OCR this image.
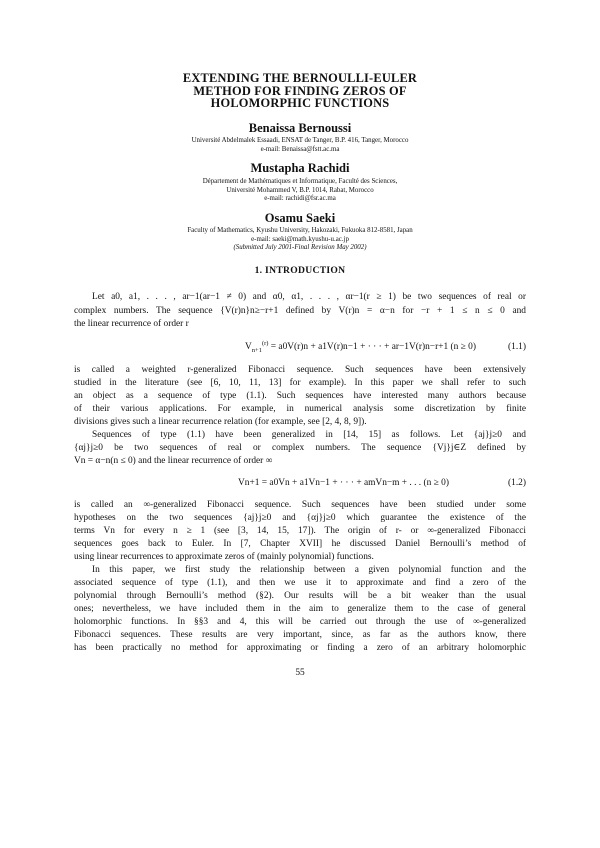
EXTENDING THE BERNOULLI-EULER
METHOD FOR FINDING ZEROS OF
HOLOMORPHIC FUNCTIONS
Benaissa Bernoussi
Université Abdelmalek Essaadi, ENSAT de Tanger, B.P. 416, Tanger, Morocco
e-mail: Benaissa@fstt.ac.ma
Mustapha Rachidi
Département de Mathématiques et Informatique, Faculté des Sciences,
Université Mohammed V, B.P. 1014, Rabat, Morocco
e-mail: rachidi@fsr.ac.ma
Osamu Saeki
Faculty of Mathematics, Kyushu University, Hakozaki, Fukuoka 812-8581, Japan
e-mail: saeki@math.kyushu-u.ac.jp
(Submitted July 2001-Final Revision May 2002)
1. INTRODUCTION
Let a0, a1, . . . , ar−1(ar−1 ≠ 0) and α0, α1, . . . , αr−1(r ≥ 1) be two sequences of real or
complex numbers. The sequence {V(r)n}n≥−r+1 defined by V(r)n = α−n for −r + 1 ≤ n ≤ 0 and
the linear recurrence of order r
$V_{n+1}^{(r)} = a0V(r)n + a1V(r)n-1$ + · · · + ar−1V(r)n−r+1 (n ≥ 0)	(1.1)
is called a weighted r-generalized Fibonacci sequence. Such sequences have been extensively
studied in the literature (see [6, 10, 11, 13] for example). In this paper we shall refer to such
an object as a sequence of type (1.1). Such sequences have interested many authors because
of their various applications. For example, in numerical analysis some discretization by finite
divisions gives such a linear recurrence relation (for example, see [2, 4, 8, 9]).
Sequences of type (1.1) have been generalized in [14, 15] as follows. Let {aj}j≥0 and
{αj}j≥0 be two sequences of real or complex numbers. The sequence {Vj}j∈Z defined by
Vn = α−n(n ≤ 0) and the linear recurrence of order ∞
Vn+1 = a0Vn + a1Vn−1 + · · · + amVn−m + . . . (n ≥ 0)	(1.2)
is called an ∞-generalized Fibonacci sequence. Such sequences have been studied under some
hypotheses on the two sequences {aj}j≥0 and {αj}j≥0 which guarantee the existence of the
terms Vn for every n ≥ 1 (see [3, 14, 15, 17]). The origin of r- or ∞-generalized Fibonacci
sequences goes back to Euler. In [7, Chapter XVII] he discussed Daniel Bernoulli’s method of
using linear recurrences to approximate zeros of (mainly polynomial) functions.
In this paper, we first study the relationship between a given polynomial function and the
associated sequence of type (1.1), and then we use it to approximate and find a zero of the
polynomial through Bernoulli’s method (§2). Our results will be a bit weaker than the usual
ones; nevertheless, we have included them in the aim to generalize them to the case of general
holomorphic functions. In §§3 and 4, this will be carried out through the use of ∞-generalized
Fibonacci sequences. These results are very important, since, as far as the authors know, there
has been practically no method for approximating or finding a zero of an arbitrary holomorphic
55
